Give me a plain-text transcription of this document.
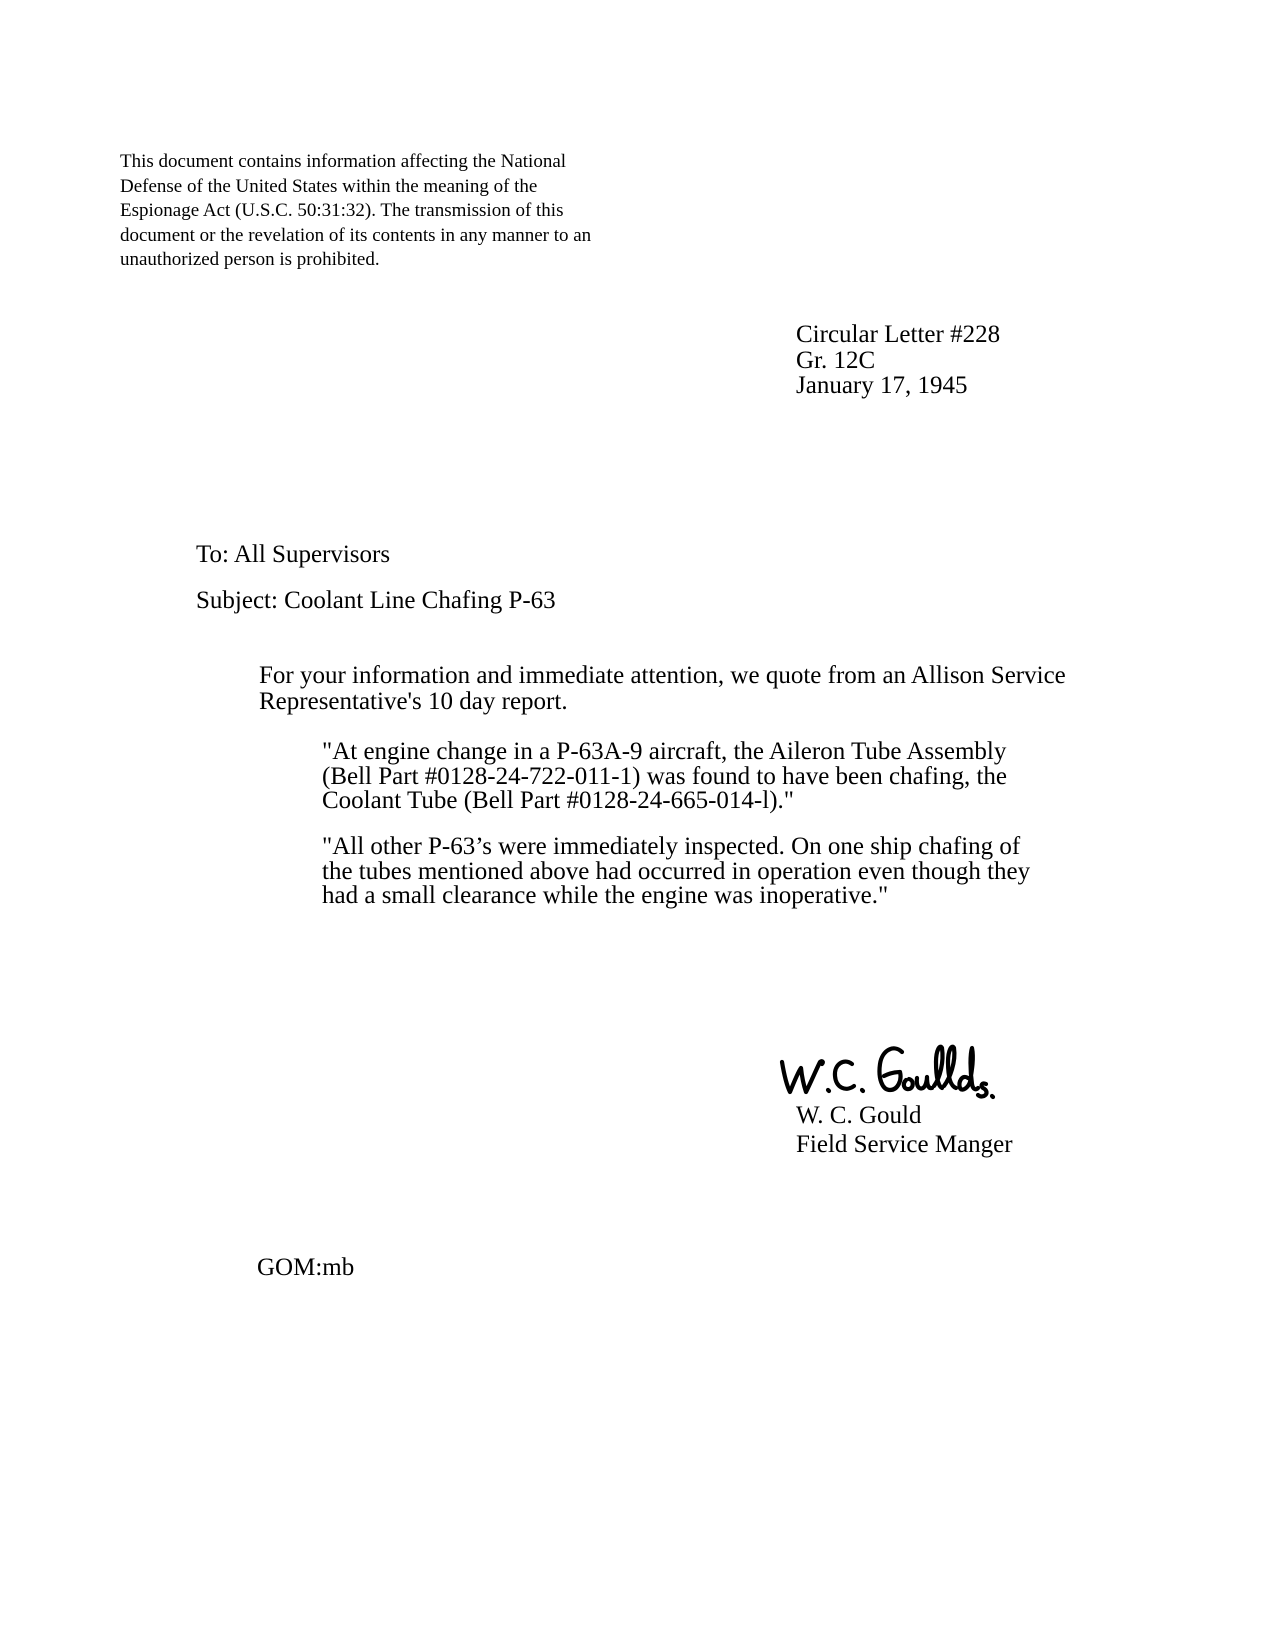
This document contains information affecting the National
Defense of the United States within the meaning of the
Espionage Act (U.S.C. 50:31:32). The transmission of this
document or the revelation of its contents in any manner to an
unauthorized person is prohibited.
Circular Letter #228
Gr. 12C
January 17, 1945
To: All Supervisors
Subject: Coolant Line Chafing P-63
For your information and immediate attention, we quote from an Allison Service
Representative's 10 day report.
"At engine change in a P-63A-9 aircraft, the Aileron Tube Assembly
(Bell Part #0128-24-722-011-1) was found to have been chafing, the
Coolant Tube (Bell Part #0128-24-665-014-l)."
"All other P-63’s were immediately inspected. On one ship chafing of
the tubes mentioned above had occurred in operation even though they
had a small clearance while the engine was inoperative."
W. C. Gould
Field Service Manger
GOM:mb
